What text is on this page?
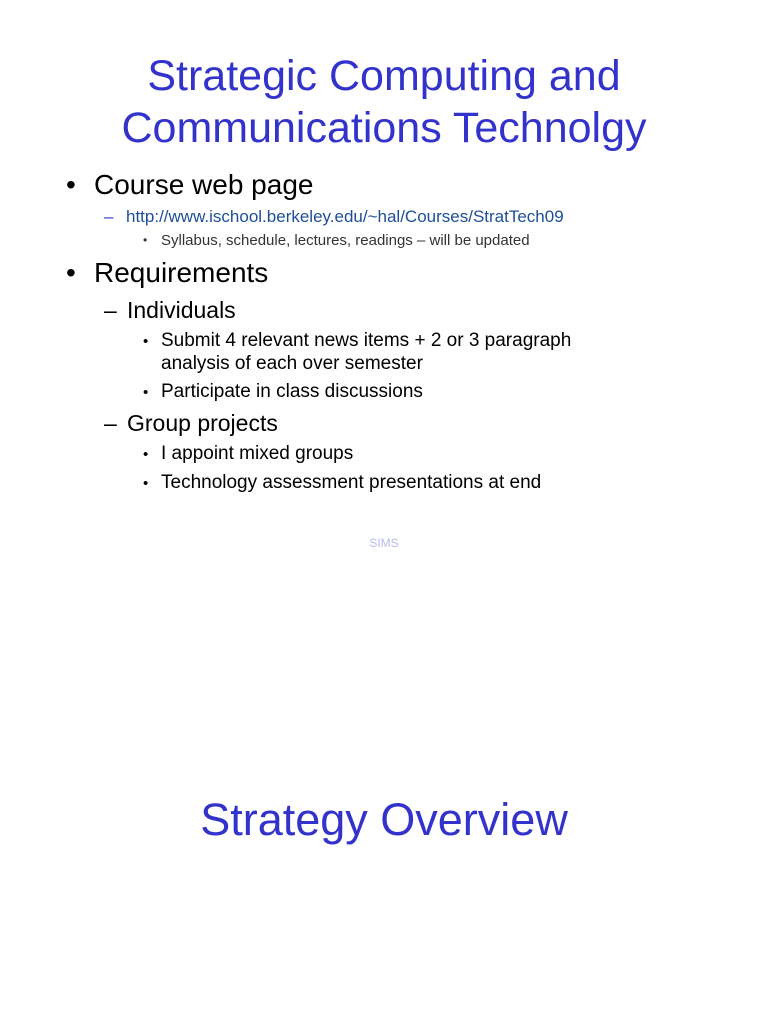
Strategic Computing and
Communications Technolgy
• Course web page
– http://www.ischool.berkeley.edu/~hal/Courses/StratTech09
• Syllabus, schedule, lectures, readings – will be updated
• Requirements
– Individuals
• Submit 4 relevant news items + 2 or 3 paragraph
analysis of each over semester
• Participate in class discussions
– Group projects
• I appoint mixed groups
• Technology assessment presentations at end
SIMS
Strategy Overview
